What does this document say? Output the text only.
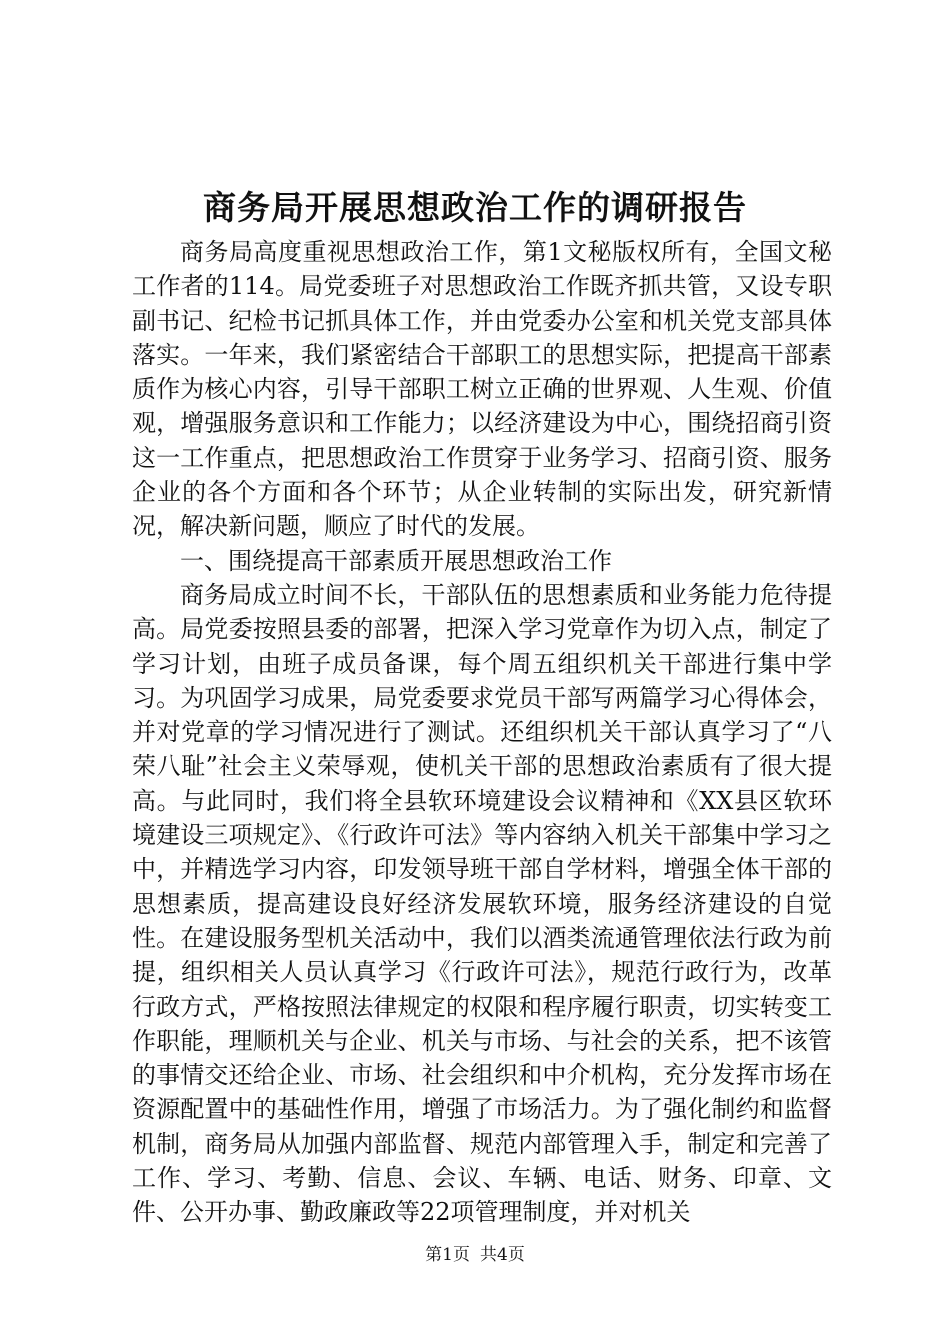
商务局开展思想政治工作的调研报告

商务局高度重视思想政治工作，第1文秘版权所有，全国文秘工作者的114。局党委班子对思想政治工作既齐抓共管，又设专职副书记、纪检书记抓具体工作，并由党委办公室和机关党支部具体落实。一年来，我们紧密结合干部职工的思想实际，把提高干部素质作为核心内容，引导干部职工树立正确的世界观、人生观、价值观，增强服务意识和工作能力；以经济建设为中心，围绕招商引资这一工作重点，把思想政治工作贯穿于业务学习、招商引资、服务企业的各个方面和各个环节；从企业转制的实际出发，研究新情况，解决新问题，顺应了时代的发展。

一、围绕提高干部素质开展思想政治工作

商务局成立时间不长，干部队伍的思想素质和业务能力危待提高。局党委按照县委的部署，把深入学习党章作为切入点，制定了学习计划，由班子成员备课，每个周五组织机关干部进行集中学习。为巩固学习成果，局党委要求党员干部写两篇学习心得体会，并对党章的学习情况进行了测试。还组织机关干部认真学习了“八荣八耻”社会主义荣辱观，使机关干部的思想政治素质有了很大提高。与此同时，我们将全县软环境建设会议精神和《XX县区软环境建设三项规定》、《行政许可法》等内容纳入机关干部集中学习之中，并精选学习内容，印发领导班干部自学材料，增强全体干部的思想素质，提高建设良好经济发展软环境，服务经济建设的自觉性。在建设服务型机关活动中，我们以酒类流通管理依法行政为前提，组织相关人员认真学习《行政许可法》，规范行政行为，改革行政方式，严格按照法律规定的权限和程序履行职责，切实转变工作职能，理顺机关与企业、机关与市场、与社会的关系，把不该管的事情交还给企业、市场、社会组织和中介机构，充分发挥市场在资源配置中的基础性作用，增强了市场活力。为了强化制约和监督机制，商务局从加强内部监督、规范内部管理入手，制定和完善了工作、学习、考勤、信息、会议、车辆、电话、财务、印章、文件、公开办事、勤政廉政等22项管理制度，并对机关

第1页 共4页
